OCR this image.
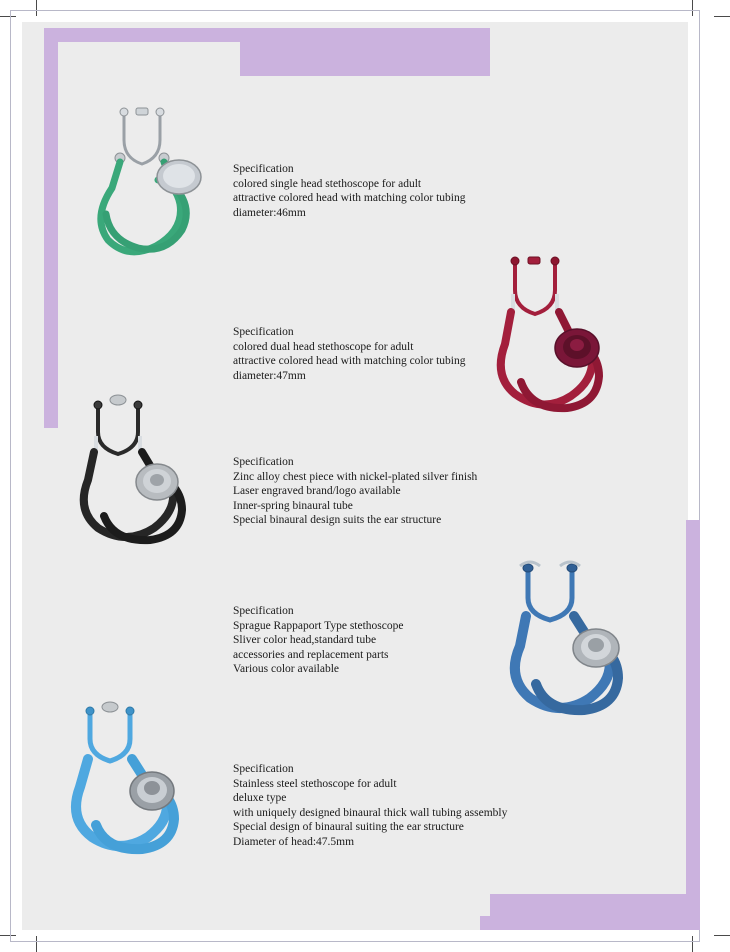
Specification
colored single head stethoscope for adult
attractive colored head with matching color tubing
diameter:46mm
Specification
colored dual head stethoscope for adult
attractive colored head with matching color tubing
diameter:47mm
Specification
Zinc alloy chest piece with nickel-plated silver finish
Laser engraved brand/logo available
Inner-spring binaural tube
Special binaural design suits the ear structure
Specification
Sprague Rappaport Type stethoscope
Sliver color head,standard tube
accessories and replacement parts
Various color available
Specification
Stainless steel stethoscope for adult
deluxe type
with uniquely designed binaural thick wall tubing assembly
Special design of binaural suiting the ear structure
Diameter of head:47.5mm
